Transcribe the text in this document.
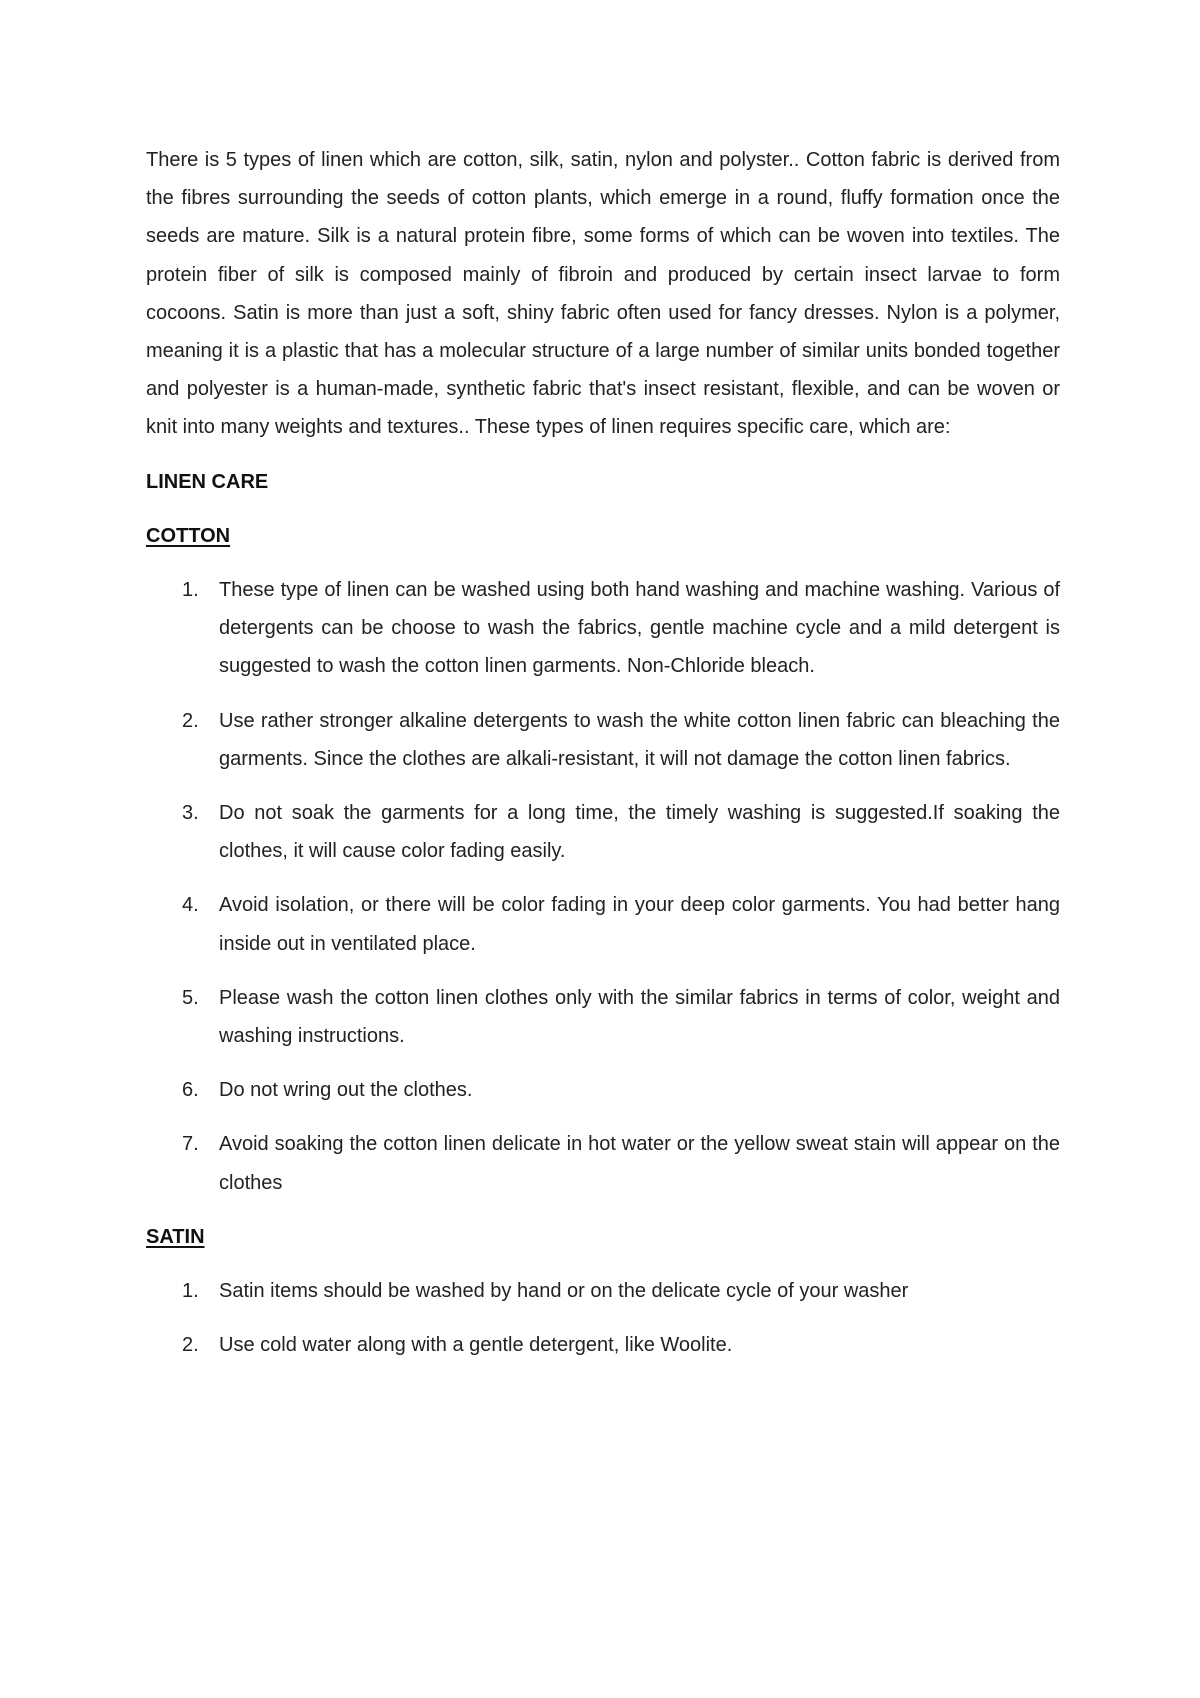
There is 5 types of linen which are cotton, silk, satin, nylon and polyster.. Cotton fabric is derived from the fibres surrounding the seeds of cotton plants, which emerge in a round, fluffy formation once the seeds are mature. Silk is a natural protein fibre, some forms of which can be woven into textiles. The protein fiber of silk is composed mainly of fibroin and produced by certain insect larvae to form cocoons. Satin is more than just a soft, shiny fabric often used for fancy dresses. Nylon is a polymer, meaning it is a plastic that has a molecular structure of a large number of similar units bonded together and polyester is a human-made, synthetic fabric that's insect resistant, flexible, and can be woven or knit into many weights and textures.. These types of linen requires specific care, which are:

LINEN CARE

COTTON

1. These type of linen can be washed using both hand washing and machine washing. Various of detergents can be choose to wash the fabrics, gentle machine cycle and a mild detergent is suggested to wash the cotton linen garments. Non-Chloride bleach.
2. Use rather stronger alkaline detergents to wash the white cotton linen fabric can bleaching the garments. Since the clothes are alkali-resistant, it will not damage the cotton linen fabrics.
3. Do not soak the garments for a long time, the timely washing is suggested.If soaking the clothes, it will cause color fading easily.
4. Avoid isolation, or there will be color fading in your deep color garments. You had better hang inside out in ventilated place.
5. Please wash the cotton linen clothes only with the similar fabrics in terms of color, weight and washing instructions.
6. Do not wring out the clothes.
7. Avoid soaking the cotton linen delicate in hot water or the yellow sweat stain will appear on the clothes

SATIN

1. Satin items should be washed by hand or on the delicate cycle of your washer
2. Use cold water along with a gentle detergent, like Woolite.
